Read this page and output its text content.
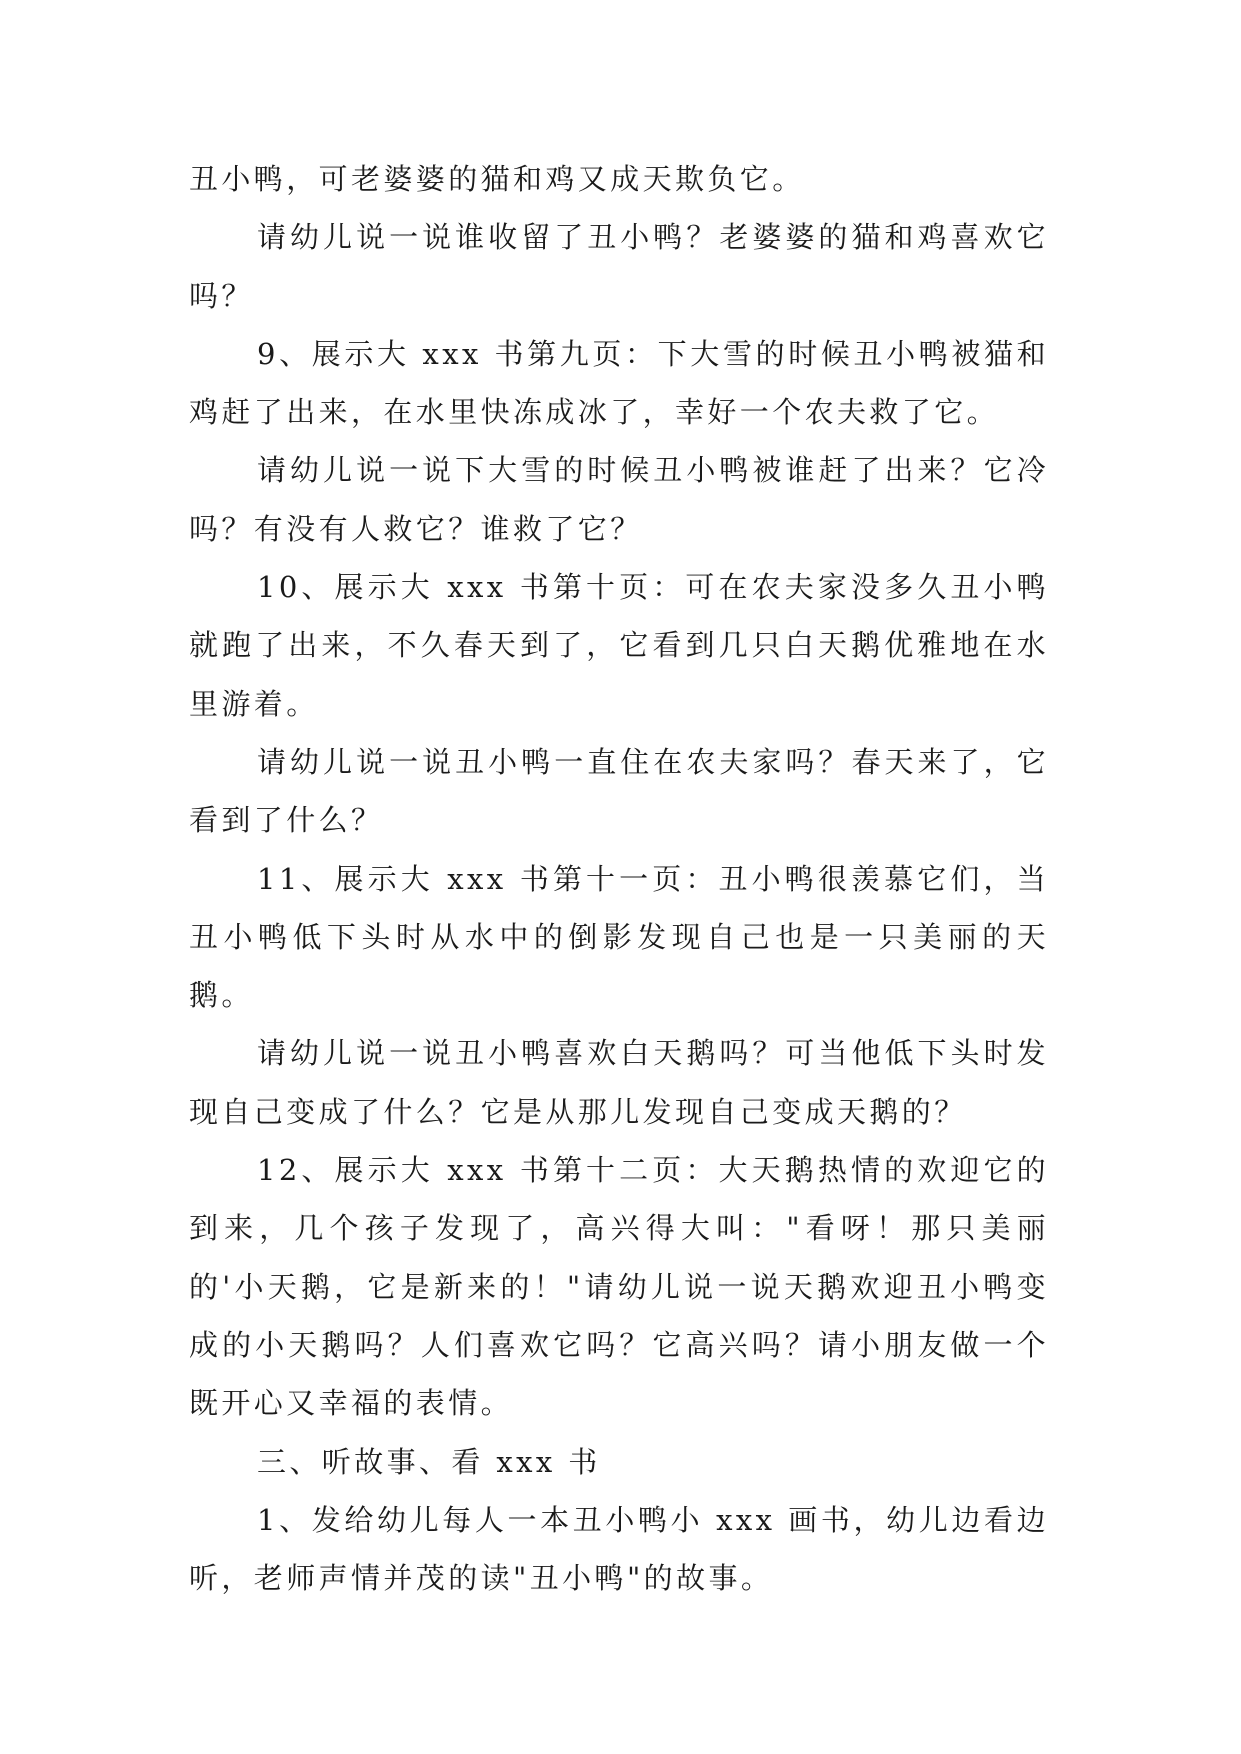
丑小鸭，可老婆婆的猫和鸡又成天欺负它。

请幼儿说一说谁收留了丑小鸭？老婆婆的猫和鸡喜欢它吗？

9、展示大 xxx 书第九页：下大雪的时候丑小鸭被猫和鸡赶了出来，在水里快冻成冰了，幸好一个农夫救了它。

请幼儿说一说下大雪的时候丑小鸭被谁赶了出来？它冷吗？有没有人救它？谁救了它？

10、展示大 xxx 书第十页：可在农夫家没多久丑小鸭就跑了出来，不久春天到了，它看到几只白天鹅优雅地在水里游着。

请幼儿说一说丑小鸭一直住在农夫家吗？春天来了，它看到了什么？

11、展示大 xxx 书第十一页：丑小鸭很羡慕它们，当丑小鸭低下头时从水中的倒影发现自己也是一只美丽的天鹅。

请幼儿说一说丑小鸭喜欢白天鹅吗？可当他低下头时发现自己变成了什么？它是从那儿发现自己变成天鹅的？

12、展示大 xxx 书第十二页：大天鹅热情的欢迎它的到来，几个孩子发现了，高兴得大叫："看呀！那只美丽的'小天鹅，它是新来的！"请幼儿说一说天鹅欢迎丑小鸭变成的小天鹅吗？人们喜欢它吗？它高兴吗？请小朋友做一个既开心又幸福的表情。

三、听故事、看 xxx 书

1、发给幼儿每人一本丑小鸭小 xxx 画书，幼儿边看边听，老师声情并茂的读"丑小鸭"的故事。
